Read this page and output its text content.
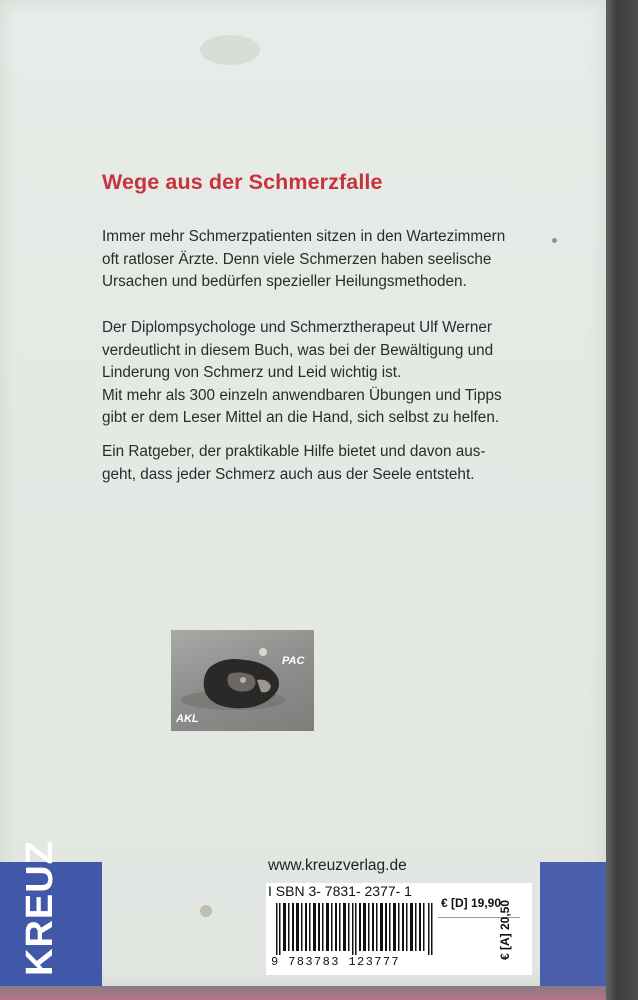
Wege aus der Schmerzfalle

Immer mehr Schmerzpatienten sitzen in den Wartezimmern
oft ratloser Ärzte. Denn viele Schmerzen haben seelische
Ursachen und bedürfen spezieller Heilungsmethoden.

Der Diplompsychologe und Schmerztherapeut Ulf Werner
verdeutlicht in diesem Buch, was bei der Bewältigung und
Linderung von Schmerz und Leid wichtig ist.
Mit mehr als 300 einzeln anwendbaren Übungen und Tipps
gibt er dem Leser Mittel an die Hand, sich selbst zu helfen.

Ein Ratgeber, der praktikable Hilfe bietet und davon aus-
geht, dass jeder Schmerz auch aus der Seele entsteht.

PAC
AKL
KREUZ	www.kreuzverlag.de

I SBN 3- 7831- 2377- 1

9 783783 123777

€ [D] 19,90

€ [A] 20,50
